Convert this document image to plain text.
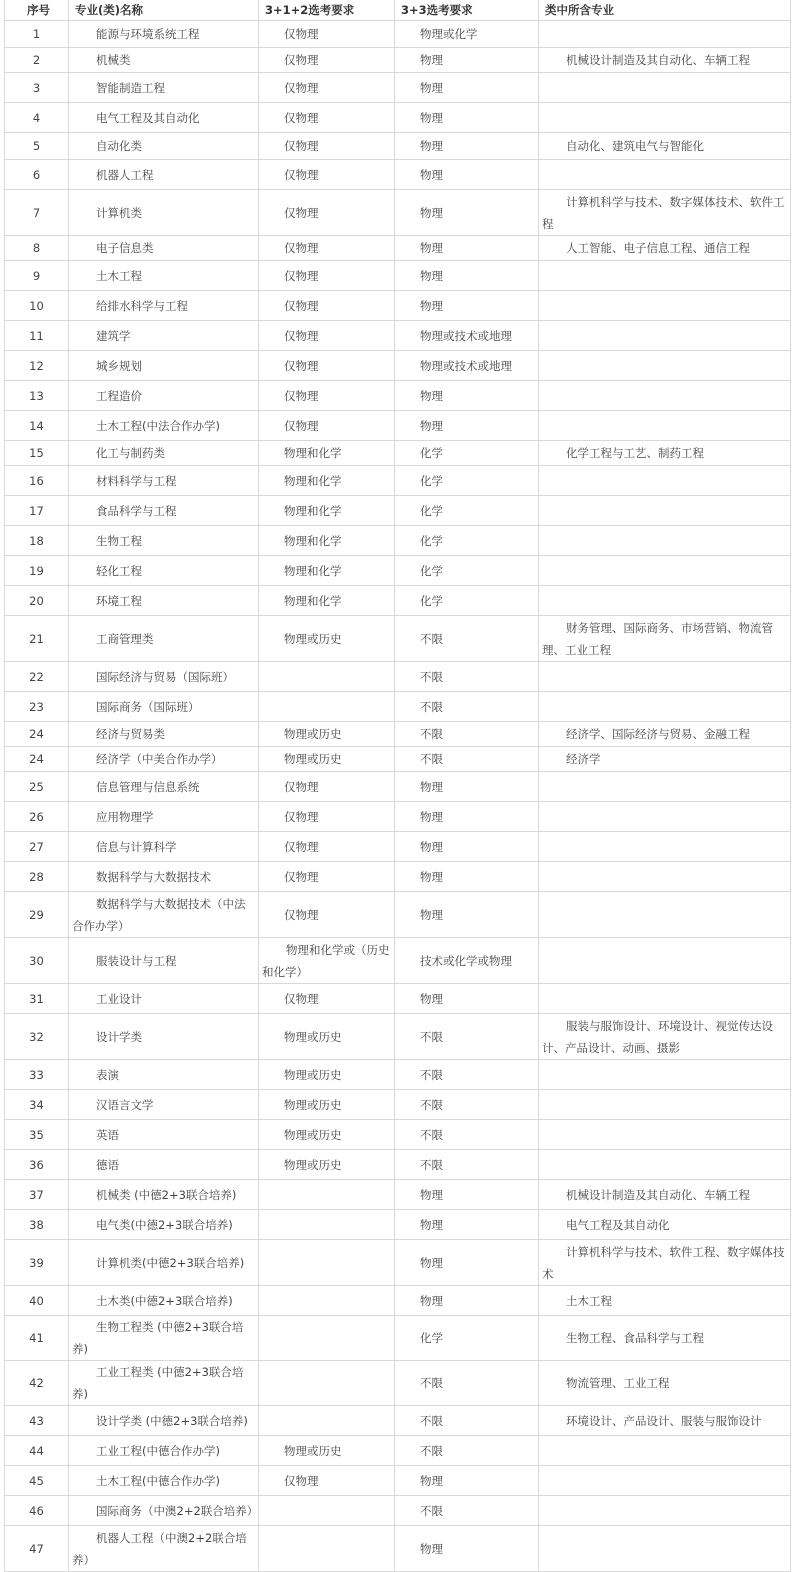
序号	专业(类)名称	3+1+2选考要求	3+3选考要求	类中所含专业
1	能源与环境系统工程	仅物理	物理或化学	
2	机械类	仅物理	物理	机械设计制造及其自动化、车辆工程
3	智能制造工程	仅物理	物理	
4	电气工程及其自动化	仅物理	物理	
5	自动化类	仅物理	物理	自动化、建筑电气与智能化
6	机器人工程	仅物理	物理	
7	计算机类	仅物理	物理	计算机科学与技术、数字媒体技术、软件工程
8	电子信息类	仅物理	物理	人工智能、电子信息工程、通信工程
9	土木工程	仅物理	物理	
10	给排水科学与工程	仅物理	物理	
11	建筑学	仅物理	物理或技术或地理	
12	城乡规划	仅物理	物理或技术或地理	
13	工程造价	仅物理	物理	
14	土木工程(中法合作办学)	仅物理	物理	
15	化工与制药类	物理和化学	化学	化学工程与工艺、制药工程
16	材料科学与工程	物理和化学	化学	
17	食品科学与工程	物理和化学	化学	
18	生物工程	物理和化学	化学	
19	轻化工程	物理和化学	化学	
20	环境工程	物理和化学	化学	
21	工商管理类	物理或历史	不限	财务管理、国际商务、市场营销、物流管理、工业工程
22	国际经济与贸易（国际班）		不限	
23	国际商务（国际班）		不限	
24	经济与贸易类	物理或历史	不限	经济学、国际经济与贸易、金融工程
24	经济学（中美合作办学）	物理或历史	不限	经济学
25	信息管理与信息系统	仅物理	物理	
26	应用物理学	仅物理	物理	
27	信息与计算科学	仅物理	物理	
28	数据科学与大数据技术	仅物理	物理	
29	数据科学与大数据技术（中法合作办学）	仅物理	物理	
30	服装设计与工程	物理和化学或（历史和化学）	技术或化学或物理	
31	工业设计	仅物理	物理	
32	设计学类	物理或历史	不限	服装与服饰设计、环境设计、视觉传达设计、产品设计、动画、摄影
33	表演	物理或历史	不限	
34	汉语言文学	物理或历史	不限	
35	英语	物理或历史	不限	
36	德语	物理或历史	不限	
37	机械类 (中德2+3联合培养)		物理	机械设计制造及其自动化、车辆工程
38	电气类(中德2+3联合培养)		物理	电气工程及其自动化
39	计算机类(中德2+3联合培养)		物理	计算机科学与技术、软件工程、数字媒体技术
40	土木类(中德2+3联合培养)		物理	土木工程
41	生物工程类 (中德2+3联合培养)		化学	生物工程、食品科学与工程
42	工业工程类 (中德2+3联合培养)		不限	物流管理、工业工程
43	设计学类 (中德2+3联合培养)		不限	环境设计、产品设计、服装与服饰设计
44	工业工程(中德合作办学)	物理或历史	不限	
45	土木工程(中德合作办学)	仅物理	物理	
46	国际商务（中澳2+2联合培养）		不限	
47	机器人工程（中澳2+2联合培养）		物理	
